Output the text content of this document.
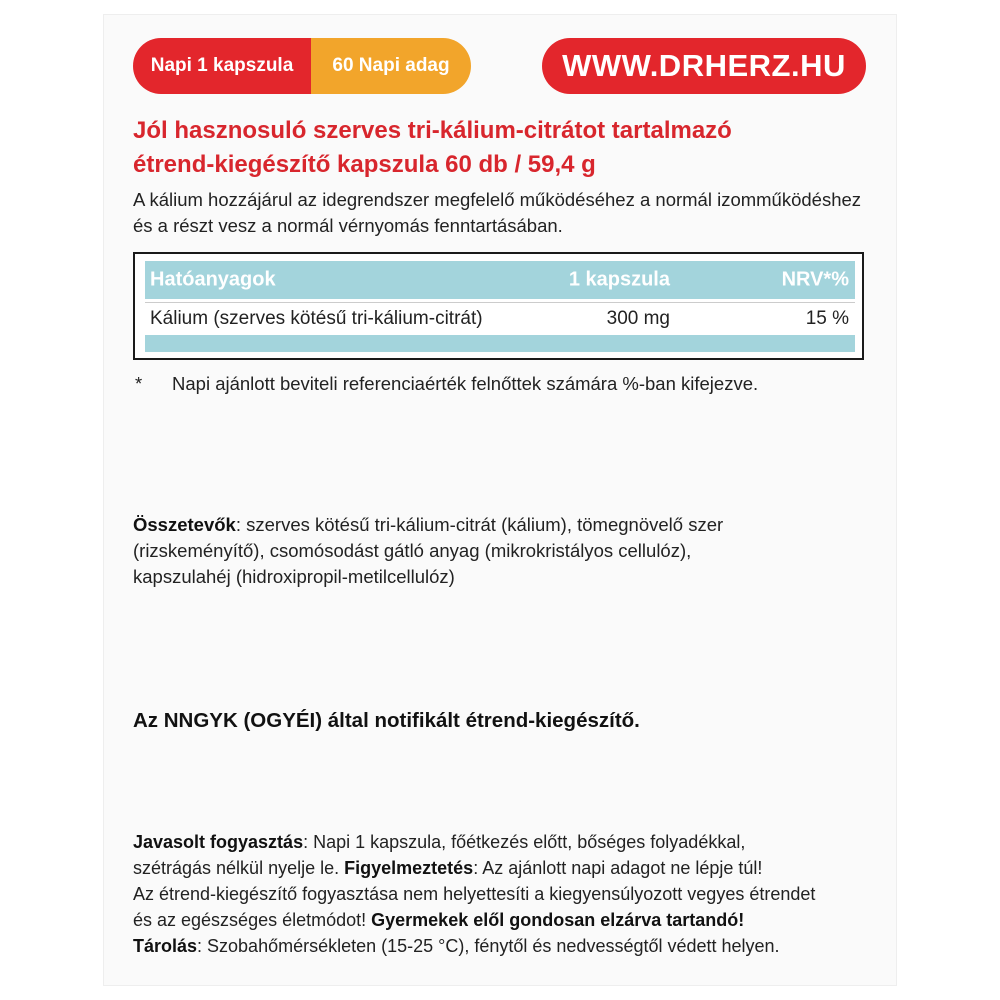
Napi 1 kapszula	60 Napi adag	WWW.DRHERZ.HU
Jól hasznosuló szerves tri-kálium-citrátot tartalmazó
étrend-kiegészítő kapszula 60 db / 59,4 g
A kálium hozzájárul az idegrendszer megfelelő működéséhez a normál izomműködéshez
és a részt vesz a normál vérnyomás fenntartásában.
Hatóanyagok	1 kapszula	NRV*%
Kálium (szerves kötésű tri-kálium-citrát)	300 mg	15 %
* Napi ajánlott beviteli referenciaérték felnőttek számára %-ban kifejezve.
Összetevők: szerves kötésű tri-kálium-citrát (kálium), tömegnövelő szer
(rizskeményítő), csomósodást gátló anyag (mikrokristályos cellulóz),
kapszulahéj (hidroxipropil-metilcellulóz)
Az NNGYK (OGYÉI) által notifikált étrend-kiegészítő.
Javasolt fogyasztás: Napi 1 kapszula, főétkezés előtt, bőséges folyadékkal,
szétrágás nélkül nyelje le. Figyelmeztetés: Az ajánlott napi adagot ne lépje túl!
Az étrend-kiegészítő fogyasztása nem helyettesíti a kiegyensúlyozott vegyes étrendet
és az egészséges életmódot! Gyermekek elől gondosan elzárva tartandó!
Tárolás: Szobahőmérsékleten (15-25 °C), fénytől és nedvességtől védett helyen.
